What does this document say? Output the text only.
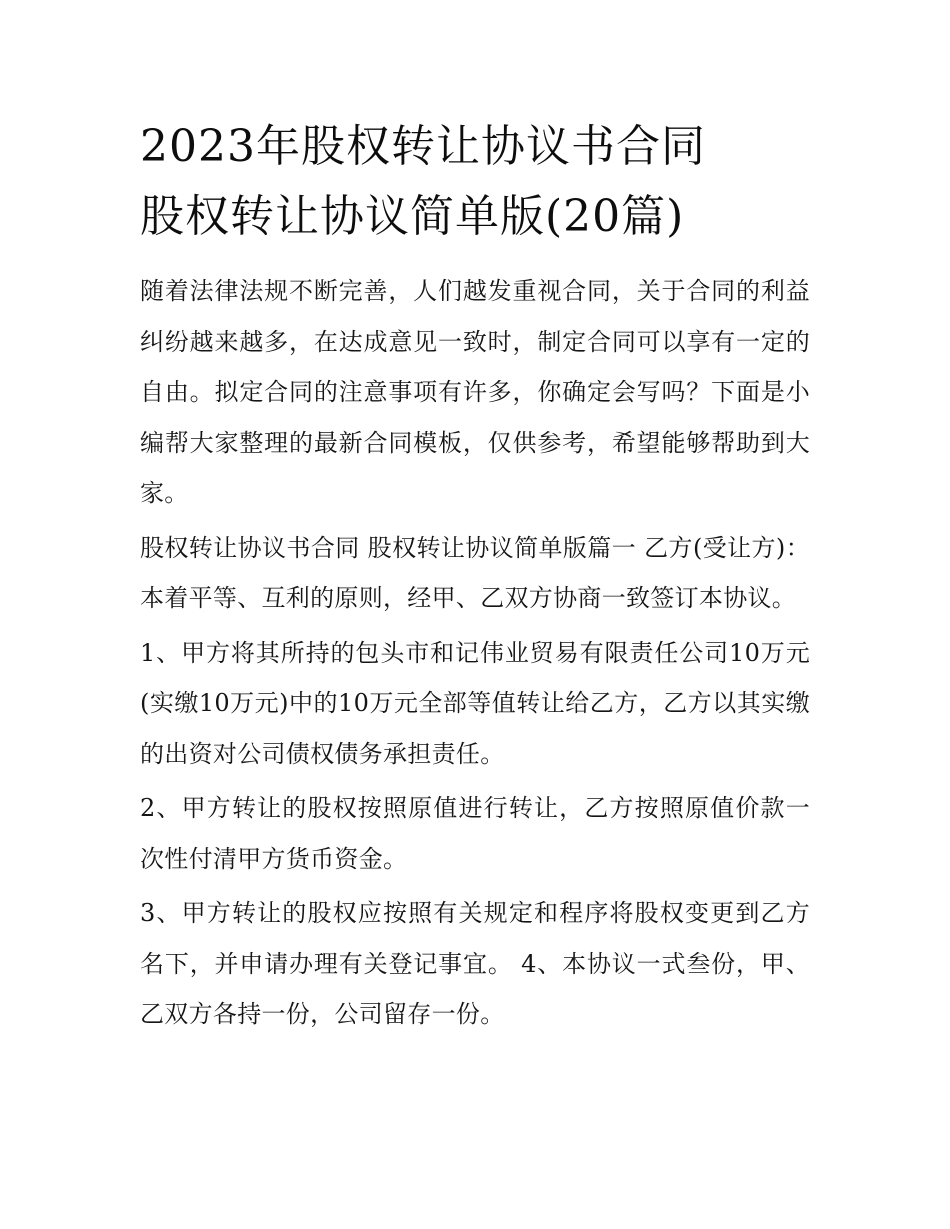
2023年股权转让协议书合同
股权转让协议简单版(20篇)

随着法律法规不断完善，人们越发重视合同，关于合同的利益纠纷越来越多，在达成意见一致时，制定合同可以享有一定的自由。拟定合同的注意事项有许多，你确定会写吗？下面是小编帮大家整理的最新合同模板，仅供参考，希望能够帮助到大家。

股权转让协议书合同 股权转让协议简单版篇一 乙方(受让方)： 本着平等、互利的原则，经甲、乙双方协商一致签订本协议。

1、甲方将其所持的包头市和记伟业贸易有限责任公司10万元(实缴10万元)中的10万元全部等值转让给乙方，乙方以其实缴的出资对公司债权债务承担责任。

2、甲方转让的股权按照原值进行转让，乙方按照原值价款一次性付清甲方货币资金。

3、甲方转让的股权应按照有关规定和程序将股权变更到乙方名下，并申请办理有关登记事宜。 4、本协议一式叁份，甲、乙双方各持一份，公司留存一份。
